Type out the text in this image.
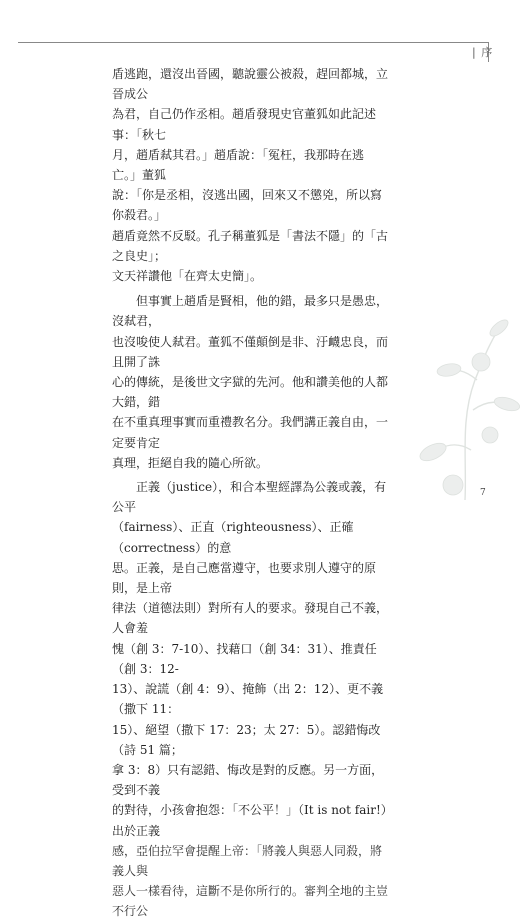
| 序

盾逃跑，還沒出晉國，聽說靈公被殺，趕回都城，立晉成公

為君，自己仍作丞相。趙盾發現史官董狐如此記述事：「秋七

月，趙盾弒其君。」趙盾說：「冤枉，我那時在逃亡。」董狐

說：「你是丞相，沒逃出國，回來又不懲兇，所以寫你殺君。」

趙盾竟然不反駁。孔子稱董狐是「書法不隱」的「古之良史」；

文天祥讚他「在齊太史簡」。

但事實上趙盾是賢相，他的錯，最多只是愚忠，沒弒君，

也沒唆使人弒君。董狐不僅顛倒是非、汙衊忠良，而且開了誅

心的傳統，是後世文字獄的先河。他和讚美他的人都大錯，錯

在不重真理事實而重禮教名分。我們講正義自由，一定要肯定

真理，拒絕自我的隨心所欲。

正義（justice），和合本聖經譯為公義或義，有公平

（fairness）、正直（righteousness）、正確（correctness）的意

思。正義，是自己應當遵守，也要求別人遵守的原則，是上帝

律法（道德法則）對所有人的要求。發現自己不義，人會羞

愧（創 3：7-10）、找藉口（創 34：31）、推責任（創 3：12-

13）、說謊（創 4：9）、掩飾（出 2：12）、更不義（撒下 11：

15）、絕望（撒下 17：23；太 27：5）。認錯悔改（詩 51 篇；

拿 3：8）只有認錯、悔改是對的反應。另一方面，受到不義

的對待，小孩會抱怨：「不公平！」（It is not fair!）出於正義

感，亞伯拉罕會提醒上帝：「將義人與惡人同殺，將義人與

惡人一樣看待，這斷不是你所行的。審判全地的主豈不行公

7
